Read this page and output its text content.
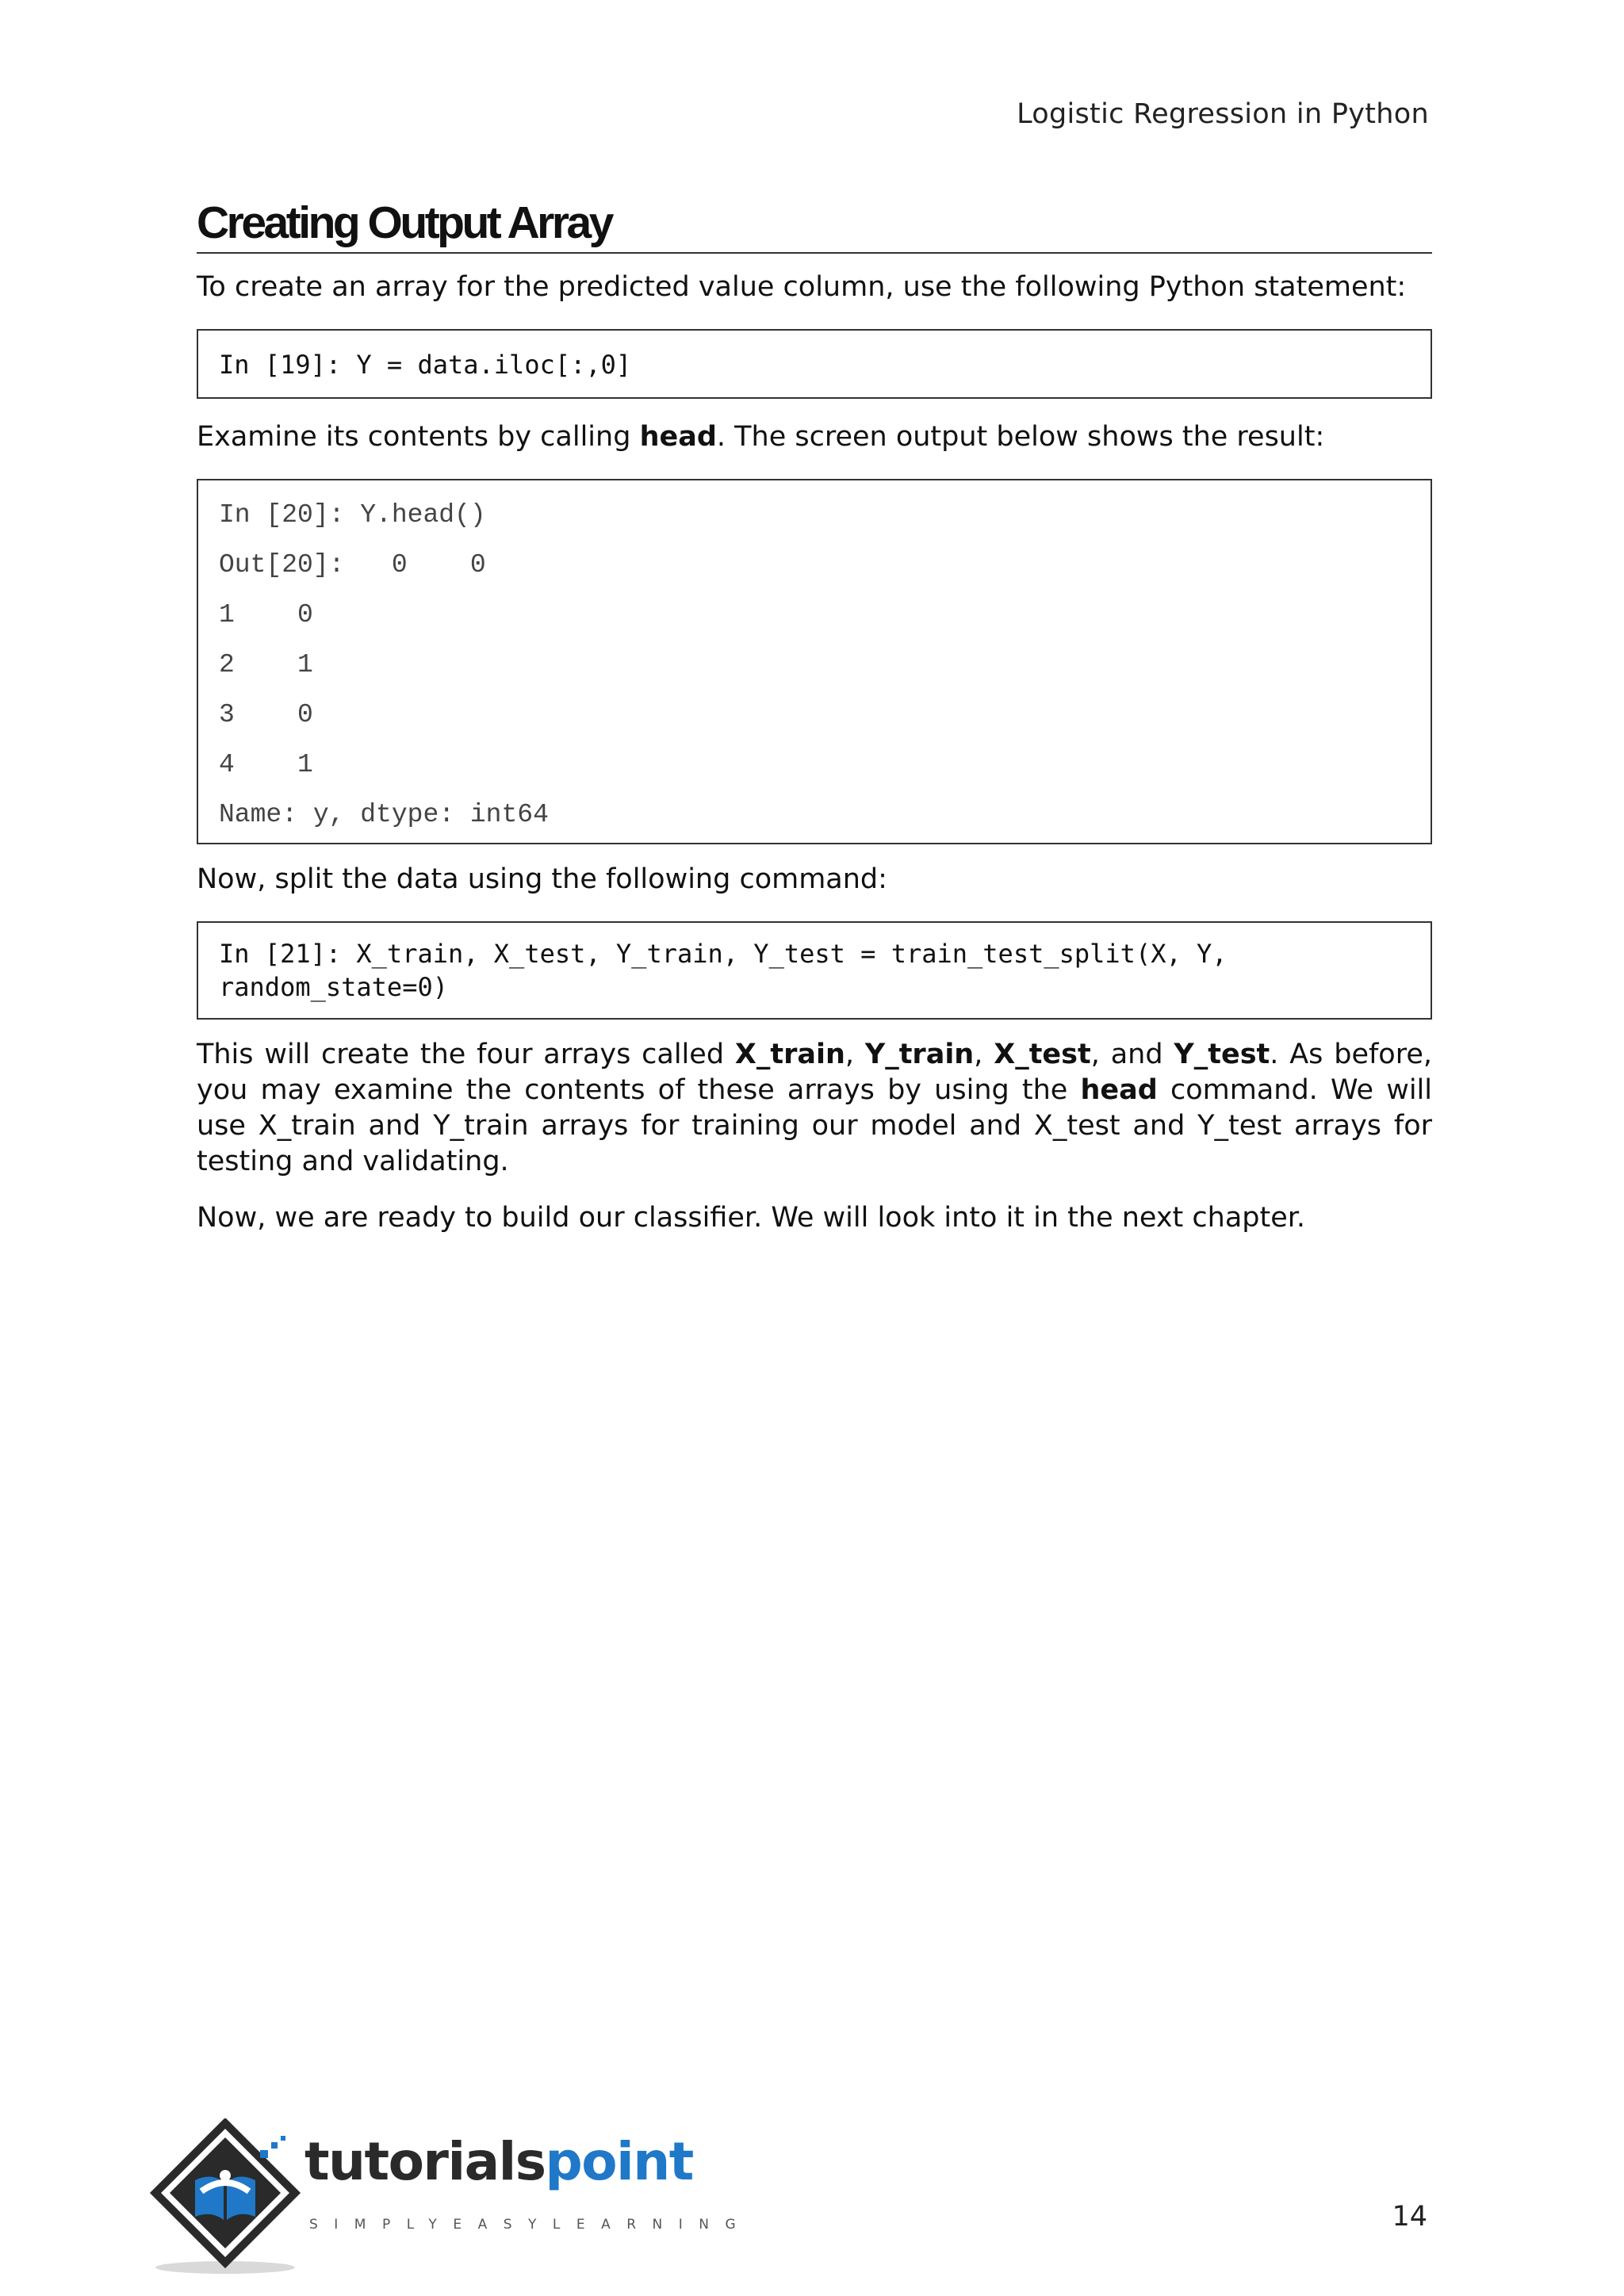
Logistic Regression in Python
Creating Output Array

To create an array for the predicted value column, use the following Python statement:

In [19]: Y = data.iloc[:,0]

Examine its contents by calling head. The screen output below shows the result:

In [20]: Y.head()
Out[20]:   0    0
1    0
2    1
3    0
4    1
Name: y, dtype: int64

Now, split the data using the following command:

In [21]: X_train, X_test, Y_train, Y_test = train_test_split(X, Y,
random_state=0)

This will create the four arrays called X_train, Y_train, X_test, and Y_test. As before, you may examine the contents of these arrays by using the head command. We will use X_train and Y_train arrays for training our model and X_test and Y_test arrays for testing and validating.

Now, we are ready to build our classifier. We will look into it in the next chapter.

tutorialspoint
SIMPLYEASYLEARNING	14
